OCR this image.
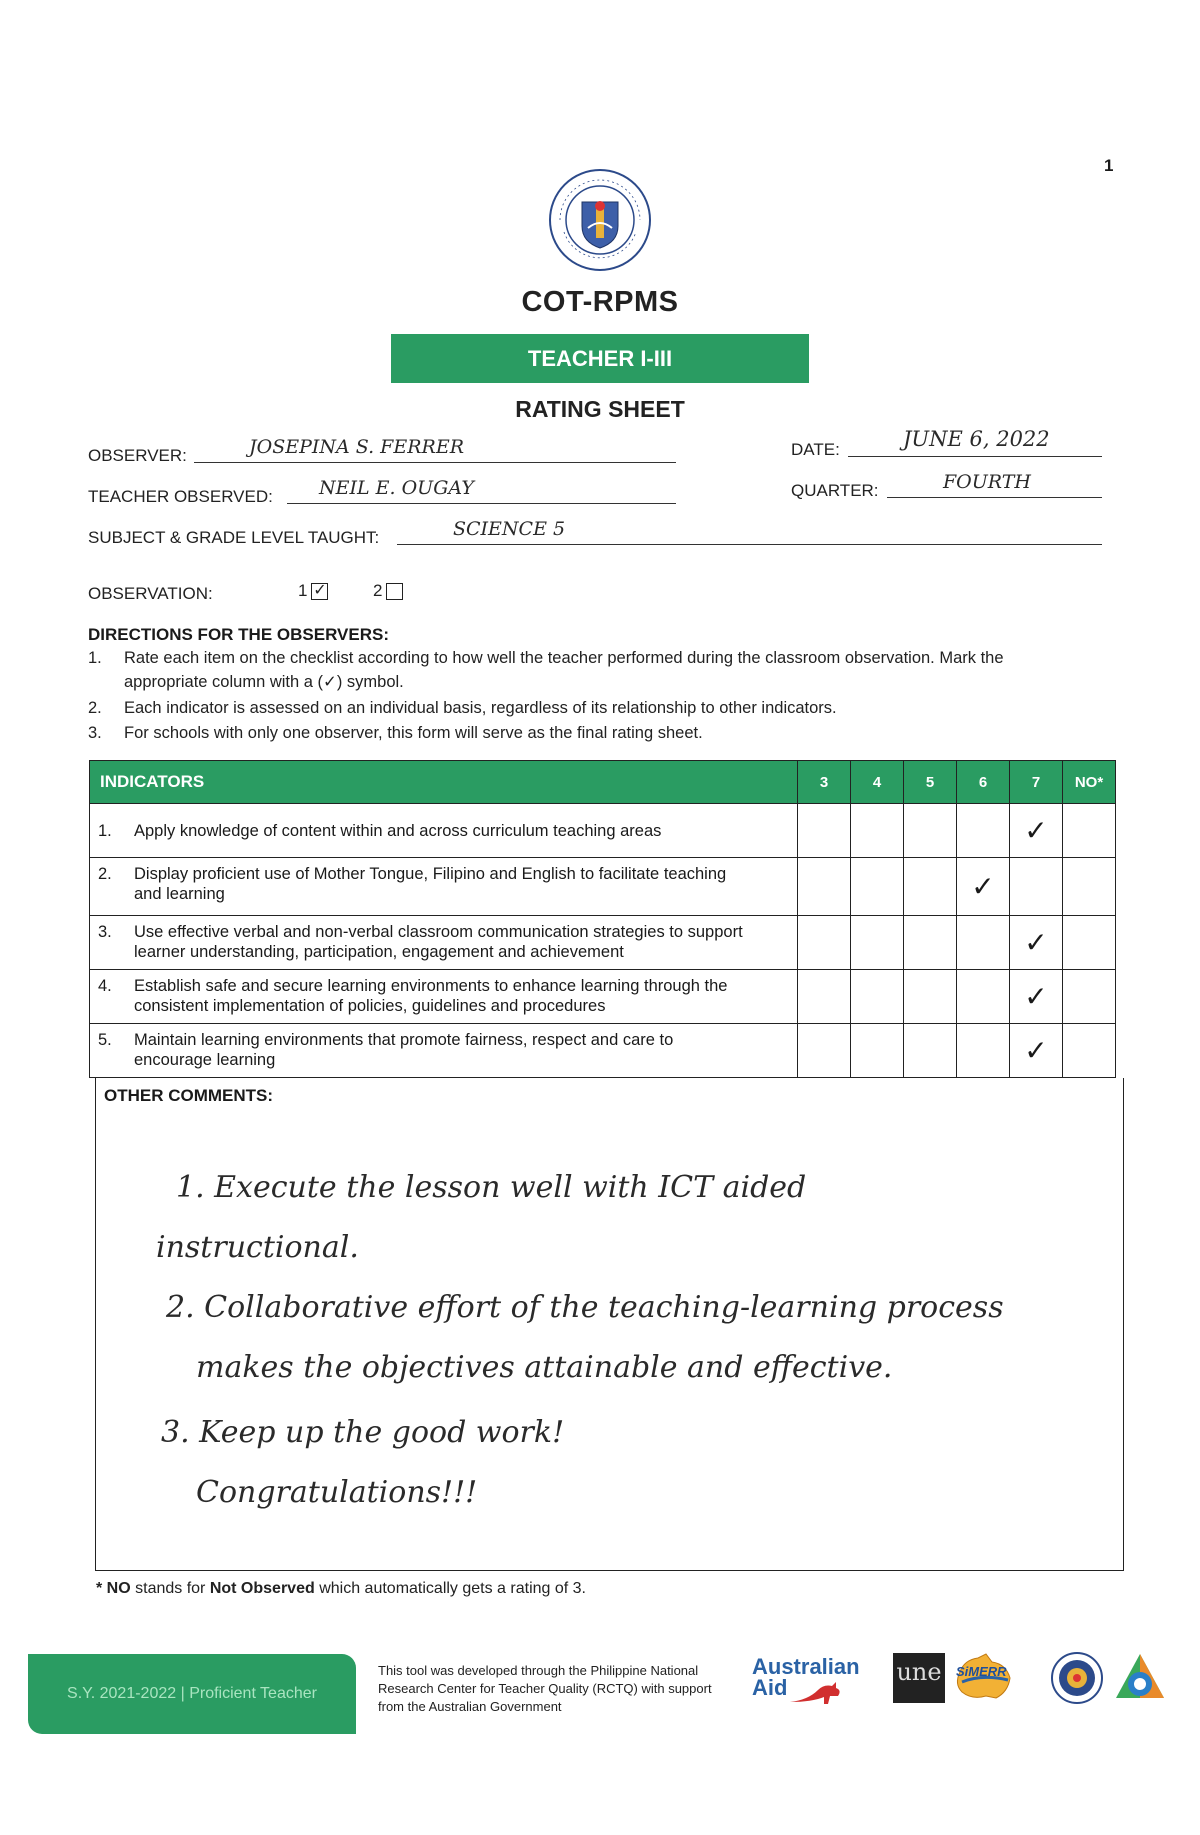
1
COT-RPMS
TEACHER I-III
RATING SHEET
OBSERVER:	JOSEPINA S. FERRER	DATE:	JUNE 6, 2022
TEACHER OBSERVED: NEIL E. OUGAY	QUARTER:	FOURTH
SUBJECT & GRADE LEVEL TAUGHT:	SCIENCE 5
OBSERVATION:	1 ✓	2
DIRECTIONS FOR THE OBSERVERS:
1. Rate each item on the checklist according to how well the teacher performed during the classroom observation. Mark the
appropriate column with a (✓) symbol.
2. Each indicator is assessed on an individual basis, regardless of its relationship to other indicators.
3. For schools with only one observer, this form will serve as the final rating sheet.
INDICATORS	3	4	5	6	7	NO*
1. Apply knowledge of content within and across curriculum teaching areas					✓	
2. Display proficient use of Mother Tongue, Filipino and English to facilitate teaching and learning				✓		
3. Use effective verbal and non-verbal classroom communication strategies to support learner understanding, participation, engagement and achievement					✓	
4. Establish safe and secure learning environments to enhance learning through the consistent implementation of policies, guidelines and procedures					✓	
5. Maintain learning environments that promote fairness, respect and care to encourage learning					✓	
OTHER COMMENTS:
1. Execute the lesson well with ICT aided
instructional.
2. Collaborative effort of the teaching-learning process
makes the objectives attainable and effective.
3. Keep up the good work!
Congratulations!!!
* NO stands for Not Observed which automatically gets a rating of 3.
S.Y. 2021-2022 | Proficient Teacher
This tool was developed through the Philippine National Research Center for Teacher Quality (RCTQ) with support from the Australian Government
Australian
Aid
une SiMERR
